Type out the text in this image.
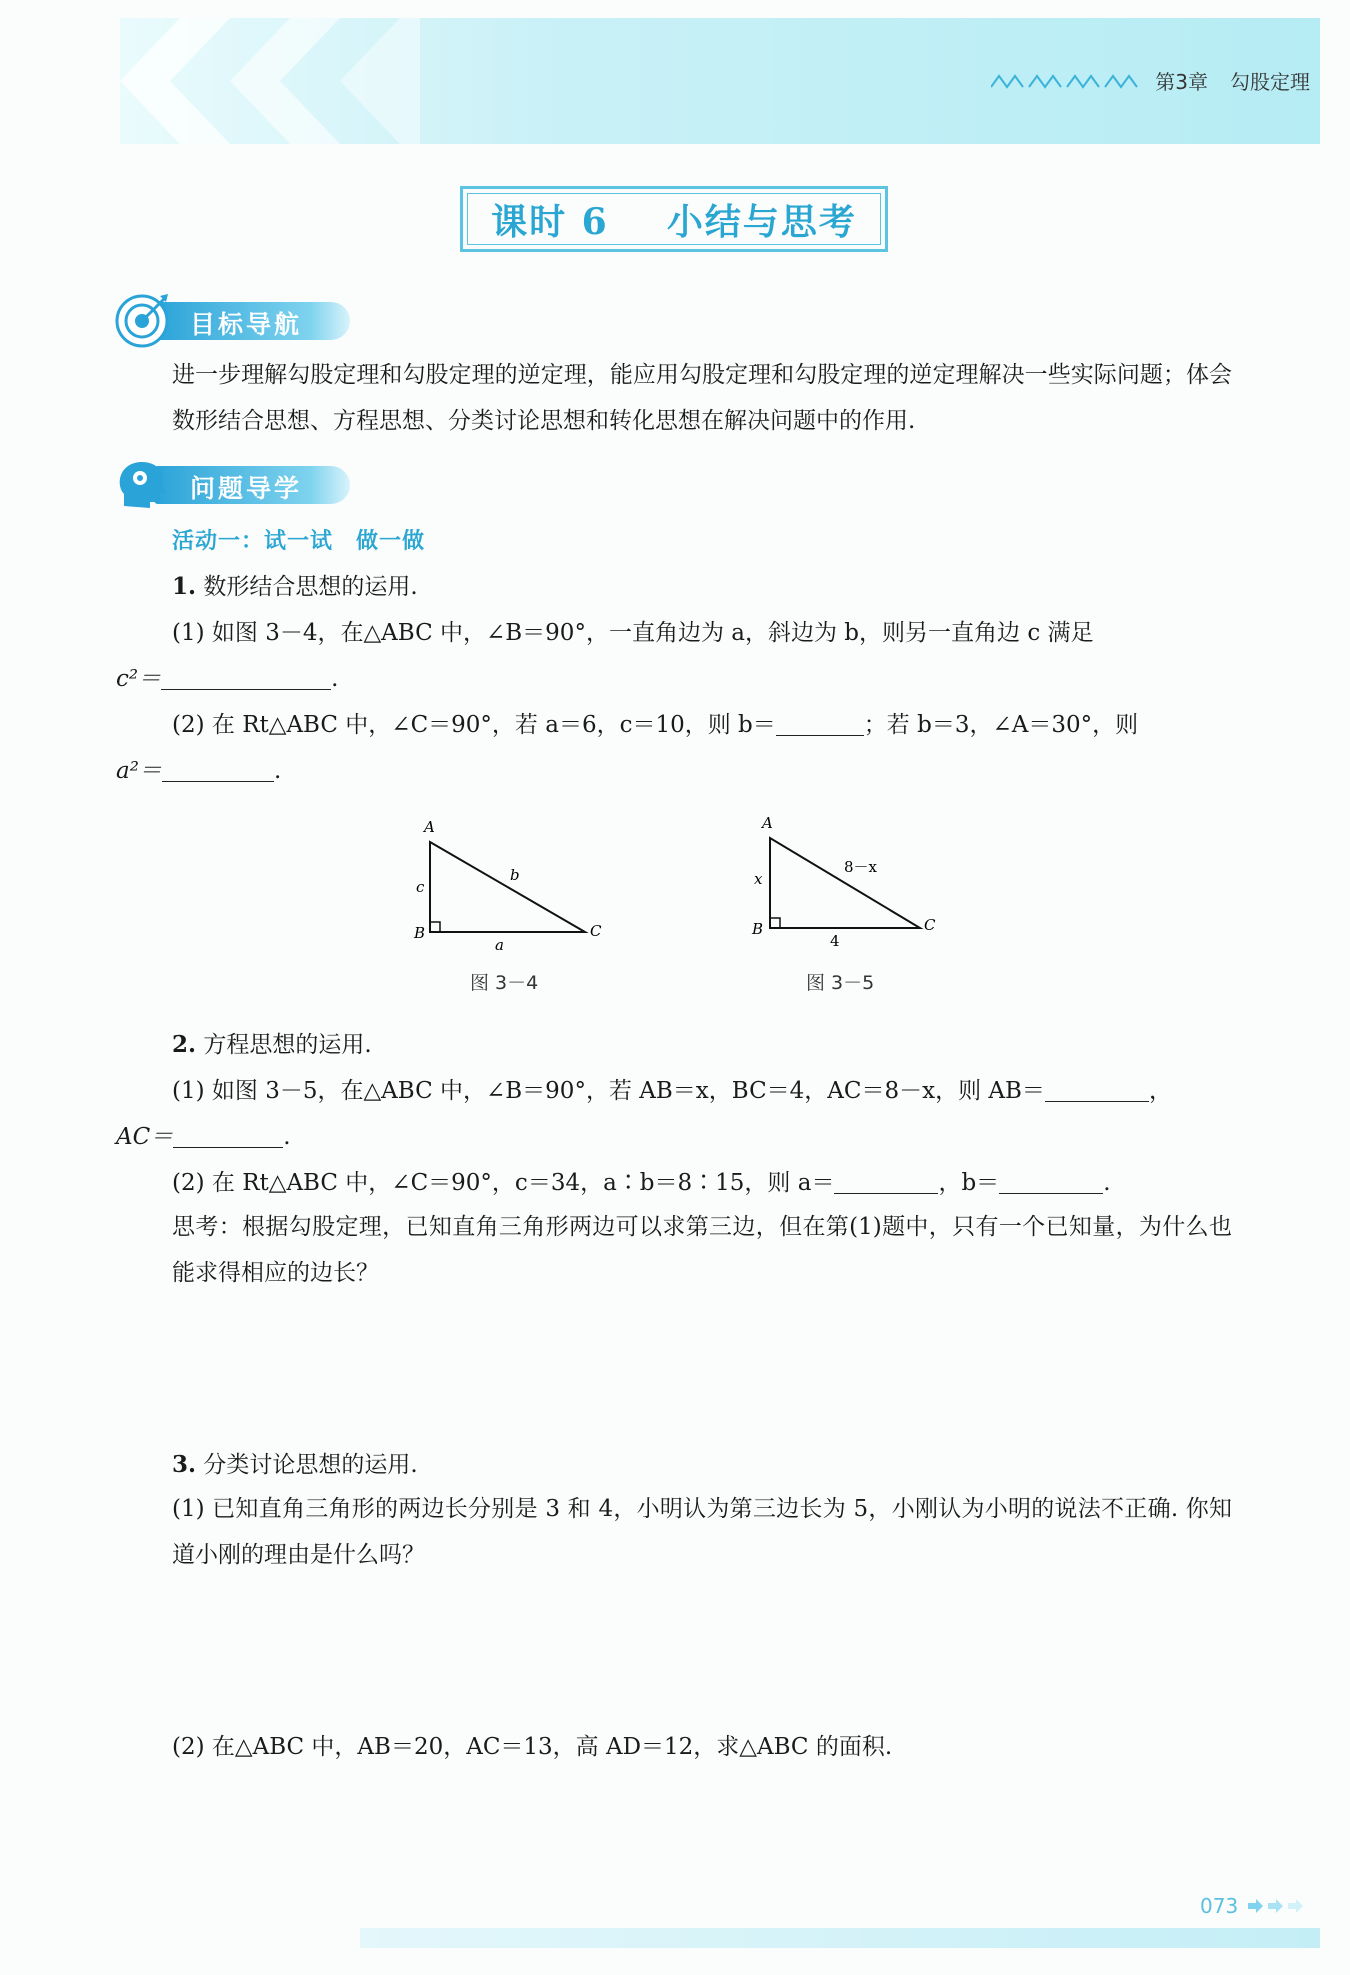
第3章 勾股定理
课时 6    小结与思考
目标导航
进一步理解勾股定理和勾股定理的逆定理，能应用勾股定理和勾股定理的逆定理解决一些实际问题；体会数形结合思想、方程思想、分类讨论思想和转化思想在解决问题中的作用.
问题导学
活动一：试一试　做一做
1. 数形结合思想的运用.
(1) 如图 3－4，在△ABC 中，∠B＝90°，一直角边为 a，斜边为 b，则另一直角边 c 满足
c²＝	.
(2) 在 Rt△ABC 中，∠C＝90°，若 a＝6，c＝10，则 b＝	；若 b＝3，∠A＝30°，则
a²＝	.
A
B	C
c
b
a
图 3－4
A
B	C
x
8－x
4
图 3－5
2. 方程思想的运用.
(1) 如图 3－5，在△ABC 中，∠B＝90°，若 AB＝x，BC＝4，AC＝8－x，则 AB＝	，
AC＝	.
(2) 在 Rt△ABC 中，∠C＝90°，c＝34，a∶b＝8∶15，则 a＝	，b＝	.
思考：根据勾股定理，已知直角三角形两边可以求第三边，但在第(1)题中，只有一个已知量，为什么也能求得相应的边长？
3. 分类讨论思想的运用.
(1) 已知直角三角形的两边长分别是 3 和 4，小明认为第三边长为 5，小刚认为小明的说法不正确. 你知道小刚的理由是什么吗？
(2) 在△ABC 中，AB＝20，AC＝13，高 AD＝12，求△ABC 的面积.
073
